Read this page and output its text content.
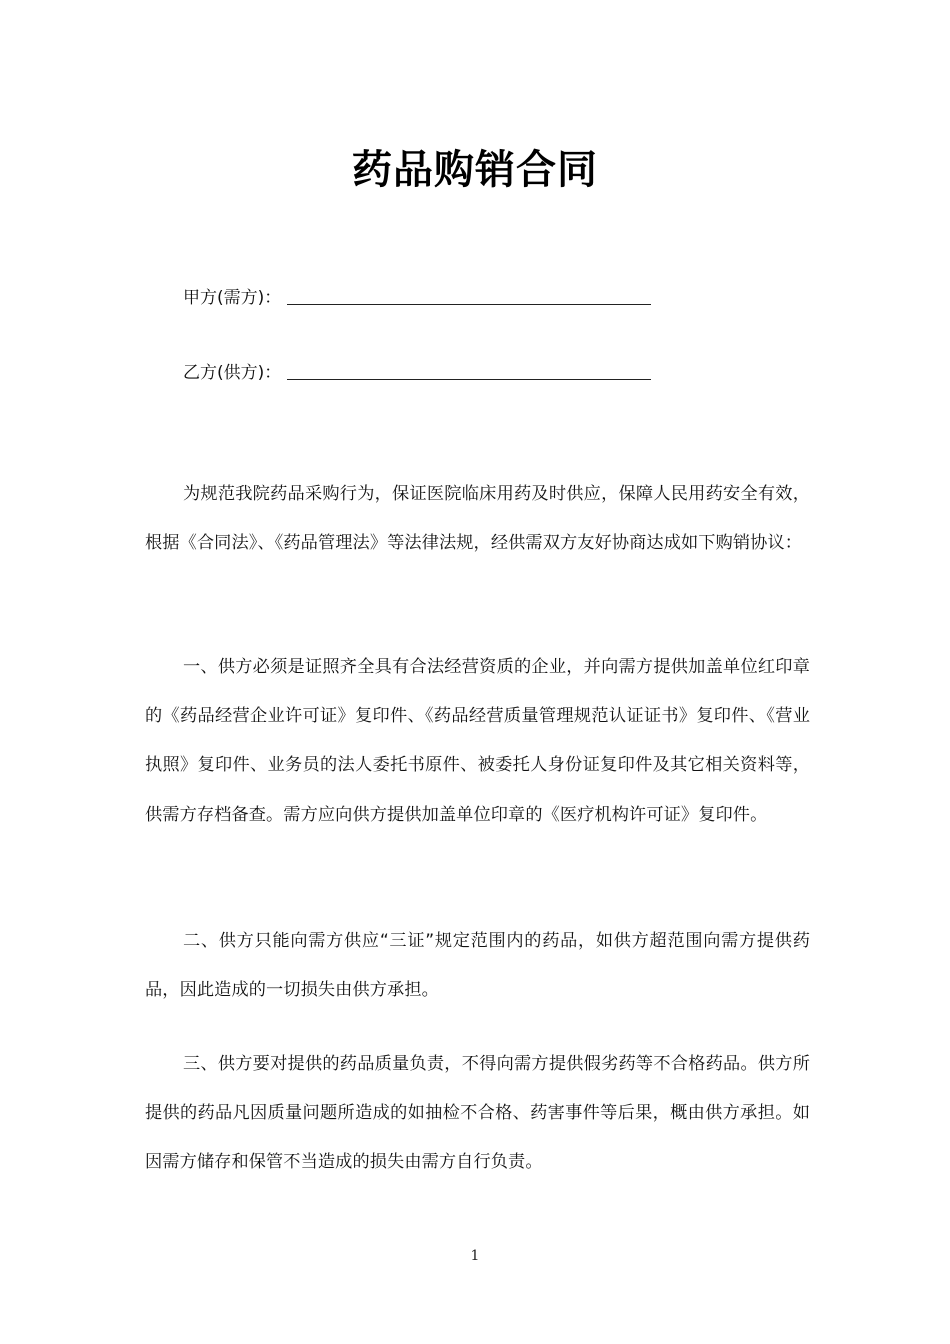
药品购销合同
甲方(需方)：
乙方(供方)：

为规范我院药品采购行为，保证医院临床用药及时供应，保障人民用药安全有效，根据《合同法》、《药品管理法》等法律法规，经供需双方友好协商达成如下购销协议：

一、供方必须是证照齐全具有合法经营资质的企业，并向需方提供加盖单位红印章的《药品经营企业许可证》复印件、《药品经营质量管理规范认证证书》复印件、《营业执照》复印件、业务员的法人委托书原件、被委托人身份证复印件及其它相关资料等，供需方存档备查。需方应向供方提供加盖单位印章的《医疗机构许可证》复印件。

二、供方只能向需方供应“三证”规定范围内的药品，如供方超范围向需方提供药品，因此造成的一切损失由供方承担。

三、供方要对提供的药品质量负责，不得向需方提供假劣药等不合格药品。供方所提供的药品凡因质量问题所造成的如抽检不合格、药害事件等后果，概由供方承担。如因需方储存和保管不当造成的损失由需方自行负责。

1
